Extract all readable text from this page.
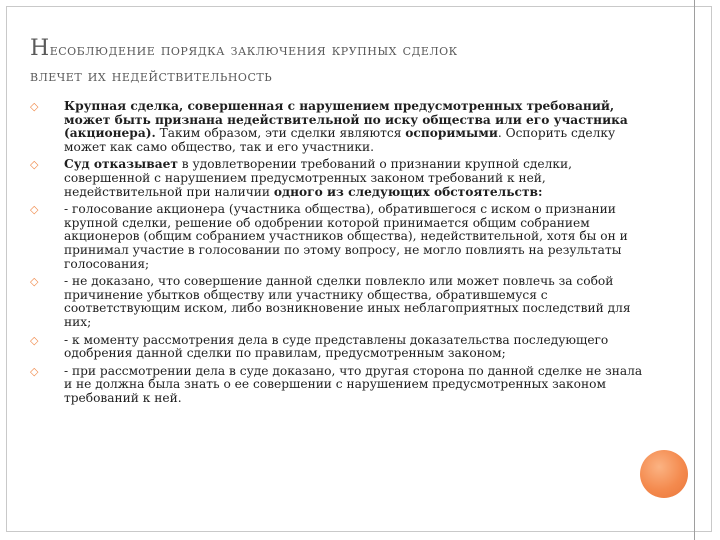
Несоблюдение порядка заключения крупных сделок
влечет их недействительность
◇ Крупная сделка, совершенная с нарушением предусмотренных требований, может быть признана недействительной по иску общества или его участника (акционера). Таким образом, эти сделки являются оспоримыми. Оспорить сделку может как само общество, так и его участники.
◇ Суд отказывает в удовлетворении требований о признании крупной сделки, совершенной с нарушением предусмотренных законом требований к ней, недействительной при наличии одного из следующих обстоятельств:
◇ - голосование акционера (участника общества), обратившегося с иском о признании крупной сделки, решение об одобрении которой принимается общим собранием акционеров (общим собранием участников общества), недействительной, хотя бы он и принимал участие в голосовании по этому вопросу, не могло повлиять на результаты голосования;
◇ - не доказано, что совершение данной сделки повлекло или может повлечь за собой причинение убытков обществу или участнику общества, обратившемуся с соответствующим иском, либо возникновение иных неблагоприятных последствий для них;
◇ - к моменту рассмотрения дела в суде представлены доказательства последующего одобрения данной сделки по правилам, предусмотренным законом;
◇ - при рассмотрении дела в суде доказано, что другая сторона по данной сделке не знала и не должна была знать о ее совершении с нарушением предусмотренных законом требований к ней.
